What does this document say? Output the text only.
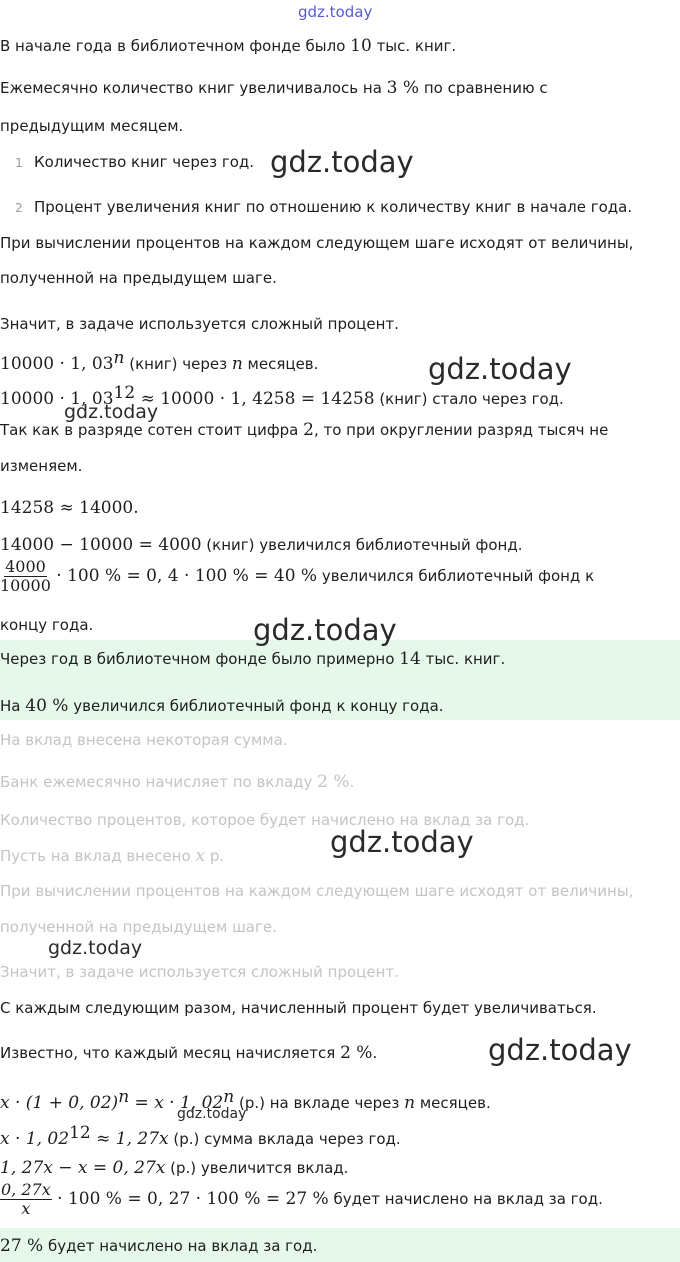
В начале года в библиотечном фонде было 10 тыс. книг.
Ежемесячно количество книг увеличивалось на 3 % по сравнению с
предыдущим месяцем.
1 Количество книг через год.
2 Процент увеличения книг по отношению к количеству книг в начале года.
При вычислении процентов на каждом следующем шаге исходят от величины,
полученной на предыдущем шаге.
Значит, в задаче используется сложный процент.
10000 · 1, 03$^n$ (книг) через n месяцев.
10000 · 1, $03^{12} \approx 10000 \cdot 1$, 4258 = 14258 (книг) стало через год.
Так как в разряде сотен стоит цифра 2, то при округлении разряд тысяч не
изменяем.
14258 ≈ 14000.
14000 − 10000 = 4000 (книг) увеличился библиотечный фонд.
$\frac{4000}{10000} \cdot 100$ % = 0, 4 · 100 % = 40 % увеличился библиотечный фонд к
концу года.
Через год в библиотечном фонде было примерно 14 тыс. книг.
На 40 % увеличился библиотечный фонд к концу года.
На вклад внесена некоторая сумма.
Банк ежемесячно начисляет по вкладу 2 %.
Количество процентов, которое будет начислено на вклад за год.
Пусть на вклад внесено x р.
При вычислении процентов на каждом следующем шаге исходят от величины,
полученной на предыдущем шаге.
Значит, в задаче используется сложный процент.
С каждым следующим разом, начисленный процент будет увеличиваться.
Известно, что каждый месяц начисляется 2 %.
x · (1 + 0, 02)$^n$ = x · 1, 02$^n$ (р.) на вкладе через n месяцев.
x · 1, $02^{12} \approx 1$, 27x (р.) сумма вклада через год.
1, 27x − x = 0, 27x (р.) увеличится вклад.
$\frac{0, 27x}{x} \cdot 100$ % = 0, 27 · 100 % = 27 % будет начислено на вклад за год.
27 % будет начислено на вклад за год.
gdz.today
gdz.today
gdz.today
gdz.today
gdz.today
gdz.today
gdz.today
gdz.today
gdz.today
